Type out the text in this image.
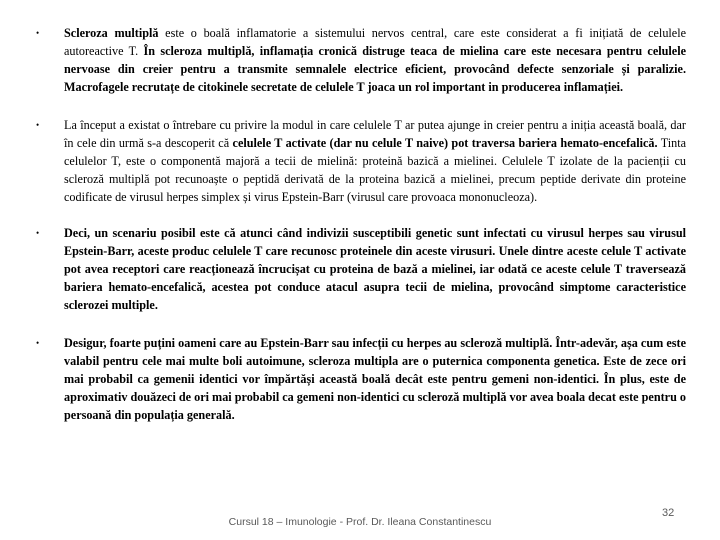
•	Scleroza multiplă este o boală inflamatorie a sistemului nervos central, care este considerat a fi inițiată de celulele autoreactive T. În scleroza multiplă, inflamația cronică distruge teaca de mielina care este necesara pentru celulele nervoase din creier pentru a transmite semnalele electrice eficient, provocând defecte senzoriale și paralizie. Macrofagele recrutațe de citokinele secretate de celulele T joaca un rol important in producerea inflamației.
•	La început a existat o întrebare cu privire la modul in care celulele T ar putea ajunge in creier pentru a iniția această boală, dar în cele din urmă s-a descoperit că celulele T activate (dar nu celule T naive) pot traversa bariera hemato-encefalică. Tinta celulelor T, este o componentă majoră a tecii de mielină: proteină bazică a mielinei. Celulele T izolate de la pacienții cu scleroză multiplă pot recunoaște o peptidă derivată de la proteina bazică a mielinei, precum peptide derivate din proteine codificate de virusul herpes simplex și virus Epstein-Barr (virusul care provoaca mononucleoza).
•	Deci, un scenariu posibil este că atunci când indivizii susceptibili genetic sunt infectati cu virusul herpes sau virusul Epstein-Barr, aceste produc celulele T care recunosc proteinele din aceste virusuri. Unele dintre aceste celule T activate pot avea receptori care reacționează încrucișat cu proteina de bază a mielinei, iar odată ce aceste celule T traversează bariera hemato-encefalică, acestea pot conduce atacul asupra tecii de mielina, provocând simptome caracteristice sclerozei multiple.
•	Desigur, foarte puțini oameni care au Epstein-Barr sau infecții cu herpes au scleroză multiplă. Într-adevăr, așa cum este valabil pentru cele mai multe boli autoimune, scleroza multipla are o puternica componenta genetica. Este de zece ori mai probabil ca gemenii identici vor împărtăși această boală decât este pentru gemeni non-identici. În plus, este de aproximativ douăzeci de ori mai probabil ca gemeni non-identici cu scleroză multiplă vor avea boala decat este pentru o persoană din populația generală.
Cursul 18 – Imunologie - Prof. Dr. Ileana Constantinescu
32
